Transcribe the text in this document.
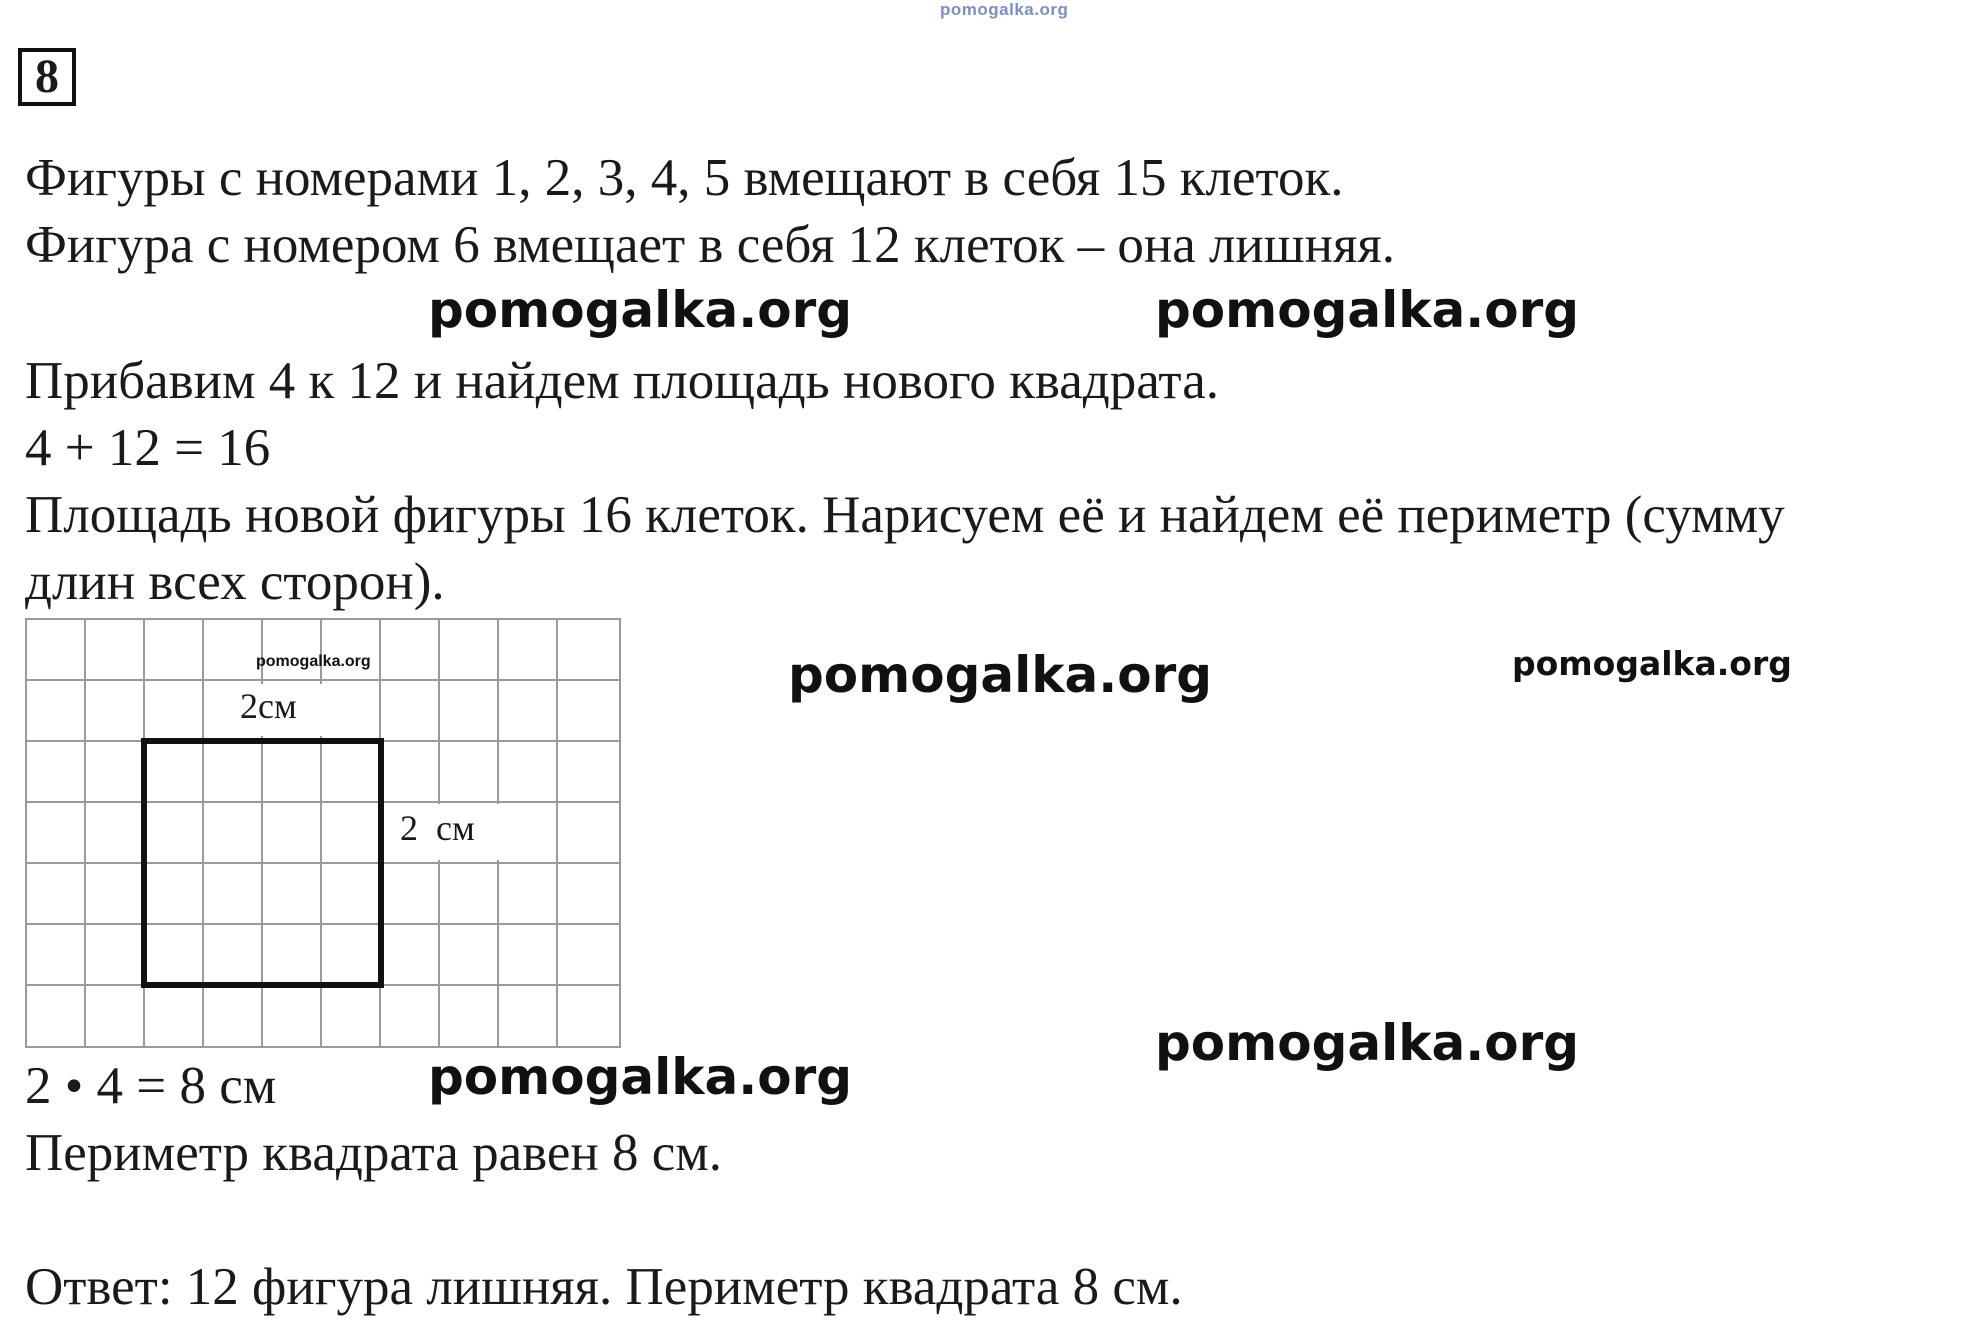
pomogalka.org
8
Фигуры с номерами 1, 2, 3, 4, 5 вмещают в себя 15 клеток.
Фигура с номером 6 вмещает в себя 12 клеток – она лишняя.
pomogalka.org	pomogalka.org
Прибавим 4 к 12 и найдем площадь нового квадрата.
4 + 12 = 16
Площадь новой фигуры 16 клеток. Нарисуем её и найдем её периметр (сумму
длин всех сторон).
pomogalka.org
2см
2  см
pomogalka.org	pomogalka.org
pomogalka.org
2 • 4 = 8 см	pomogalka.org
Периметр квадрата равен 8 см.
Ответ: 12 фигура лишняя. Периметр квадрата 8 см.
